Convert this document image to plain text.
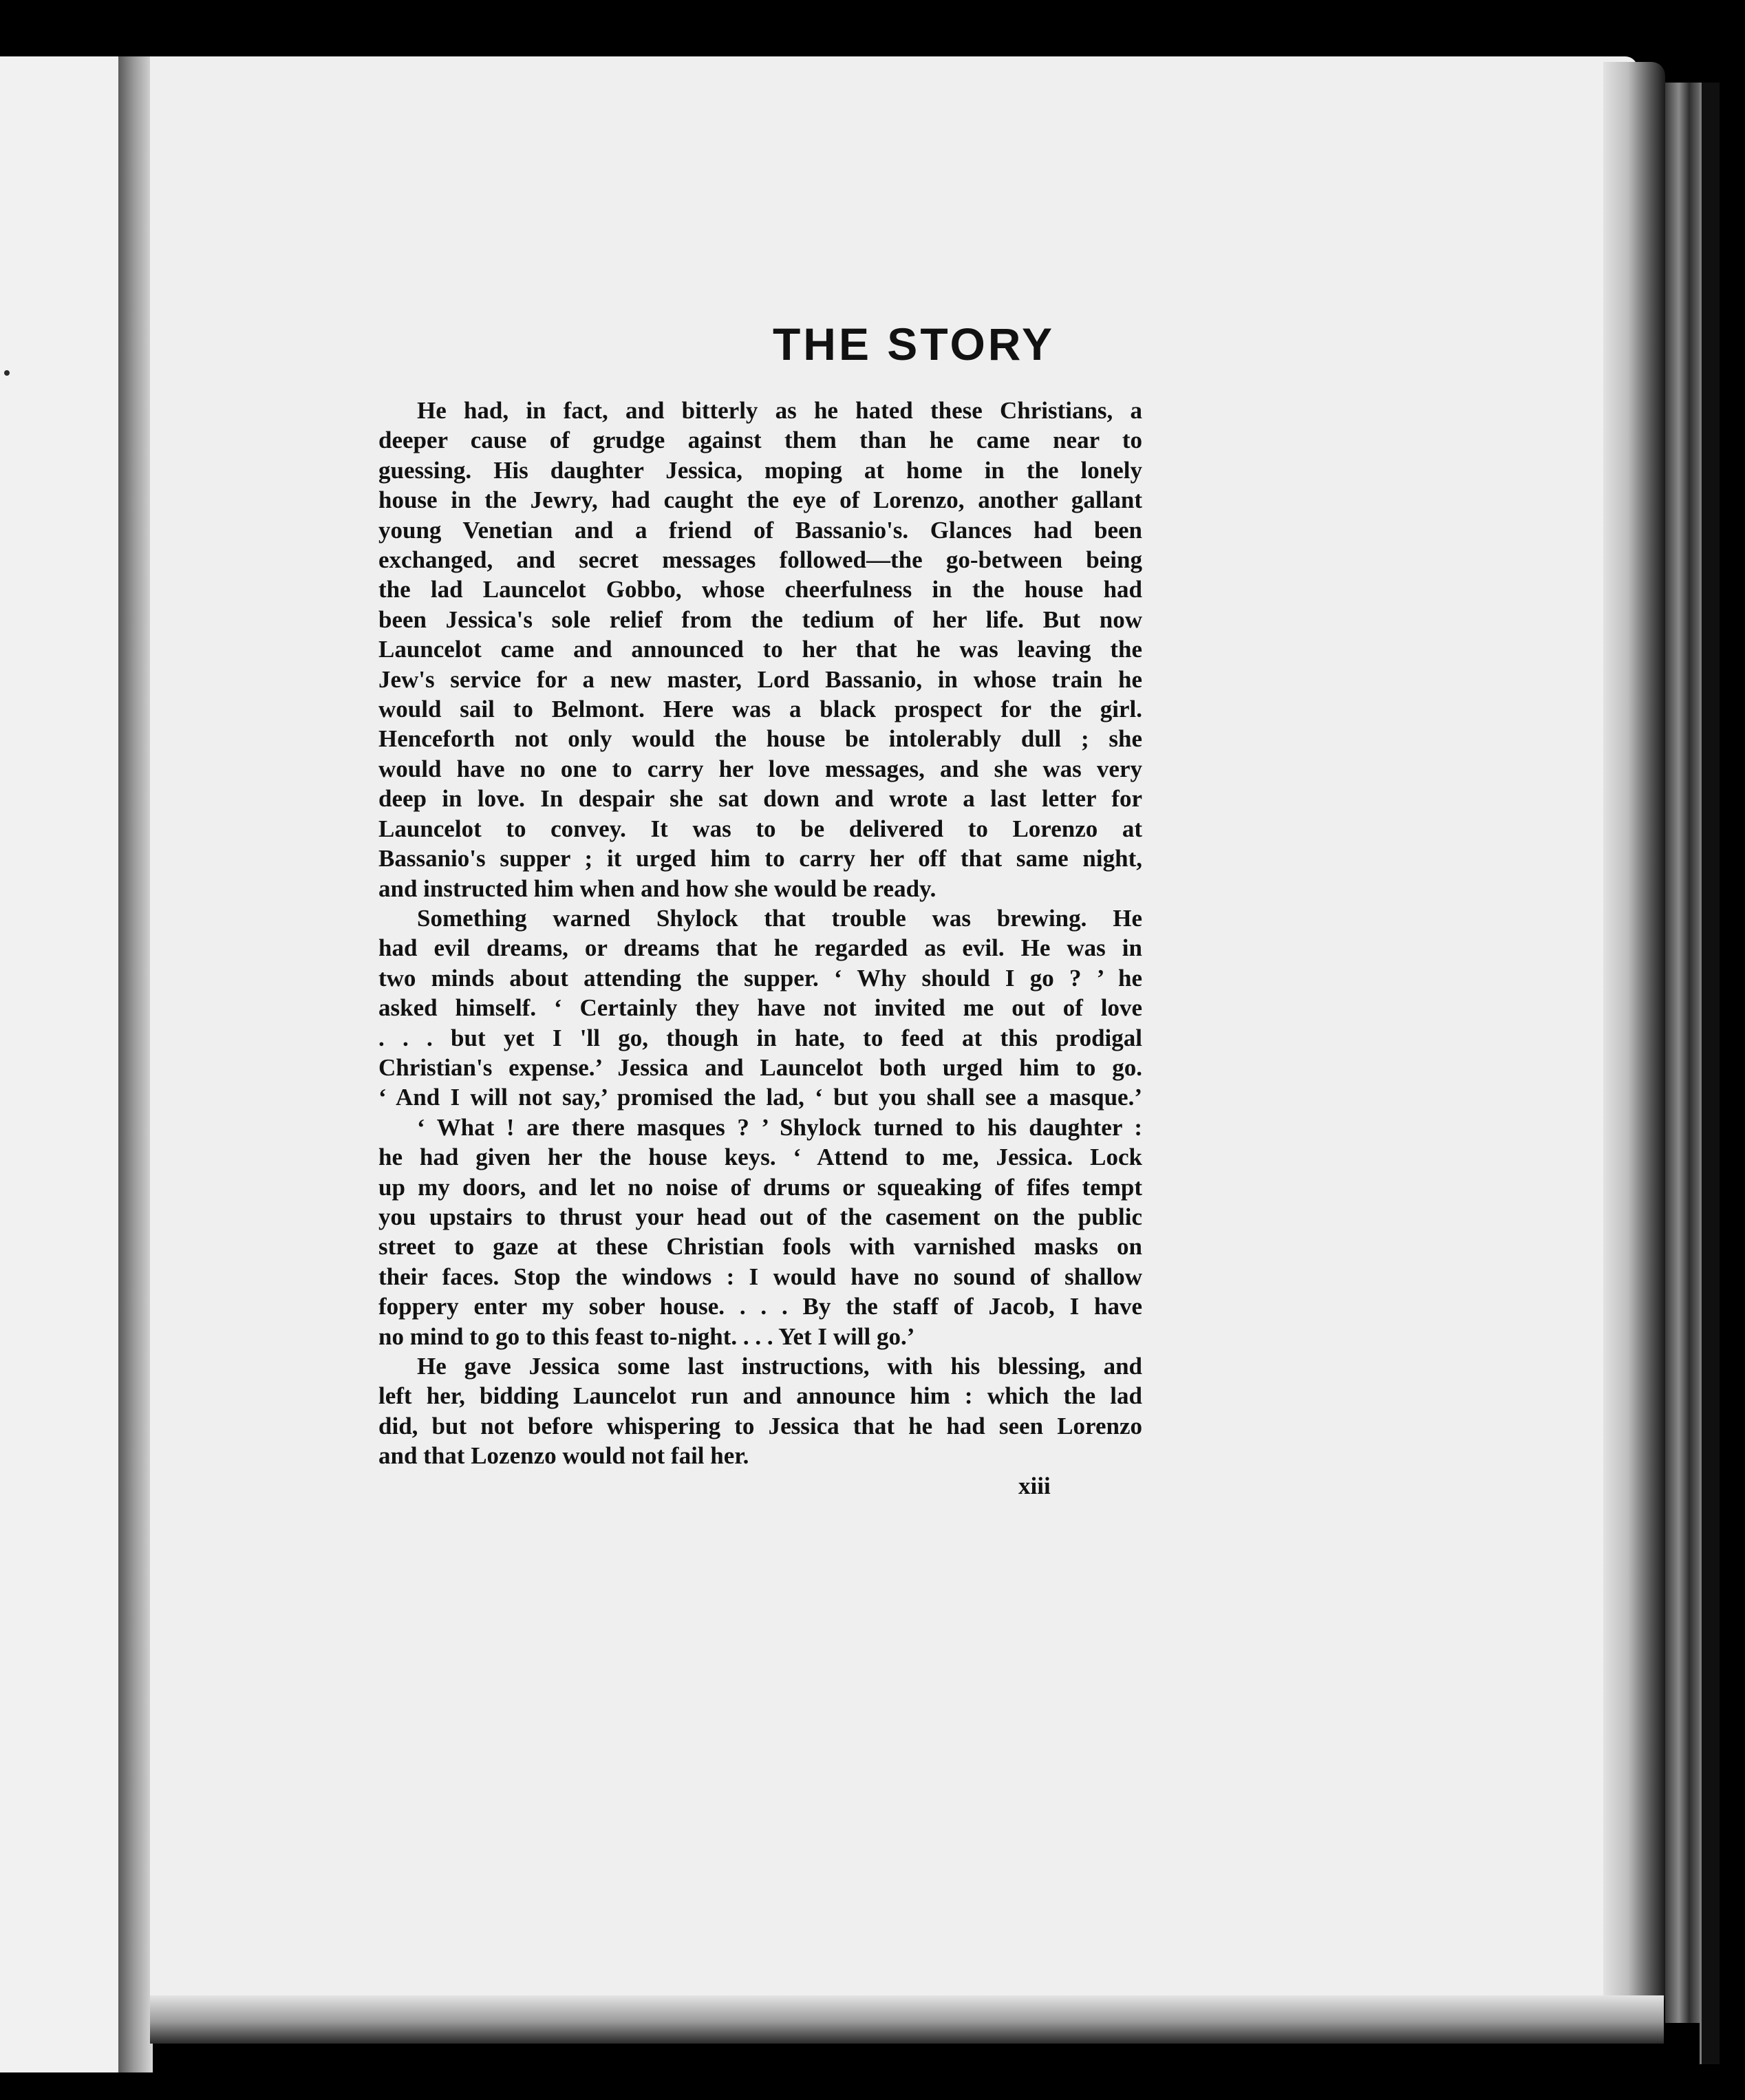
THE STORY
He had, in fact, and bitterly as he hated these Christians, a
deeper cause of grudge against them than he came near to
guessing. His daughter Jessica, moping at home in the lonely
house in the Jewry, had caught the eye of Lorenzo, another gallant
young Venetian and a friend of Bassanio's. Glances had been
exchanged, and secret messages followed—the go-between being
the lad Launcelot Gobbo, whose cheerfulness in the house had
been Jessica's sole relief from the tedium of her life. But now
Launcelot came and announced to her that he was leaving the
Jew's service for a new master, Lord Bassanio, in whose train he
would sail to Belmont. Here was a black prospect for the girl.
Henceforth not only would the house be intolerably dull ; she
would have no one to carry her love messages, and she was very
deep in love. In despair she sat down and wrote a last letter for
Launcelot to convey. It was to be delivered to Lorenzo at
Bassanio's supper ; it urged him to carry her off that same night,
and instructed him when and how she would be ready.
Something warned Shylock that trouble was brewing. He
had evil dreams, or dreams that he regarded as evil. He was in
two minds about attending the supper. ‘ Why should I go ? ’ he
asked himself. ‘ Certainly they have not invited me out of love
. . . but yet I 'll go, though in hate, to feed at this prodigal
Christian's expense.’ Jessica and Launcelot both urged him to go.
‘ And I will not say,’ promised the lad, ‘ but you shall see a masque.’
‘ What ! are there masques ? ’ Shylock turned to his daughter :
he had given her the house keys. ‘ Attend to me, Jessica. Lock
up my doors, and let no noise of drums or squeaking of fifes tempt
you upstairs to thrust your head out of the casement on the public
street to gaze at these Christian fools with varnished masks on
their faces. Stop the windows : I would have no sound of shallow
foppery enter my sober house. . . . By the staff of Jacob, I have
no mind to go to this feast to-night. . . . Yet I will go.’
He gave Jessica some last instructions, with his blessing, and
left her, bidding Launcelot run and announce him : which the lad
did, but not before whispering to Jessica that he had seen Lorenzo
and that Lozenzo would not fail her.
xiii
